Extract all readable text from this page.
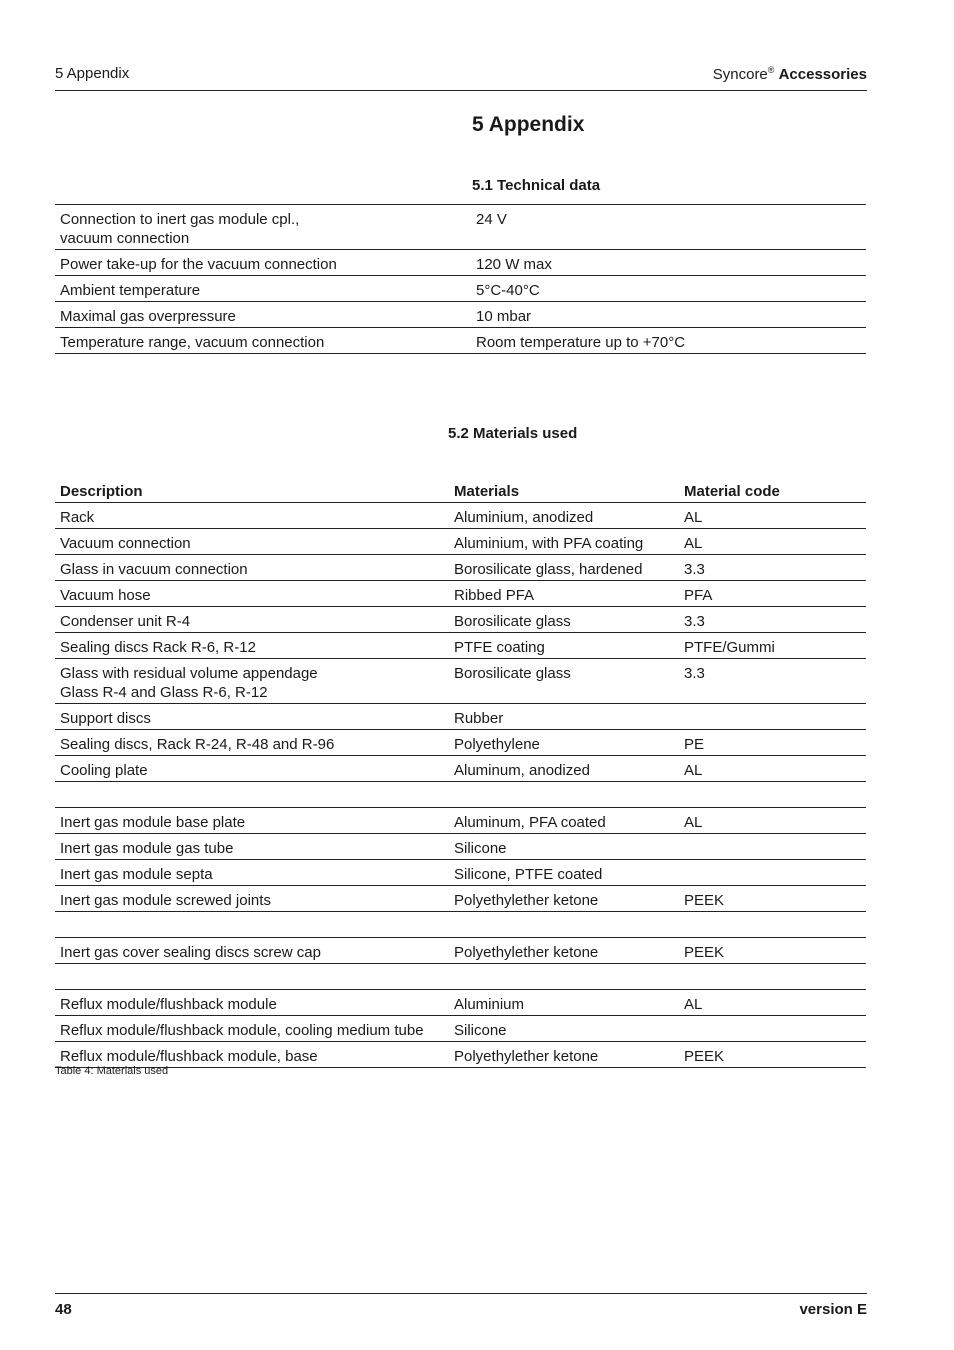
5 Appendix	Syncore® Accessories
5 Appendix
5.1 Technical data
Connection to inert gas module cpl.,
vacuum connection	24 V
Power take-up for the vacuum connection	120 W max
Ambient temperature	5°C-40°C
Maximal gas overpressure	10 mbar
Temperature range, vacuum connection	Room temperature up to +70°C
5.2 Materials used
Description	Materials	Material code
Rack	Aluminium, anodized	AL
Vacuum connection	Aluminium, with PFA coating	AL
Glass in vacuum connection	Borosilicate glass, hardened	3.3
Vacuum hose	Ribbed PFA	PFA
Condenser unit R-4	Borosilicate glass	3.3
Sealing discs Rack R-6, R-12	PTFE coating	PTFE/Gummi
Glass with residual volume appendage
Glass R-4 and Glass R-6, R-12	Borosilicate glass	3.3
Support discs	Rubber	
Sealing discs, Rack R-24, R-48 and R-96	Polyethylene	PE
Cooling plate	Aluminum, anodized	AL

Inert gas module base plate	Aluminum, PFA coated	AL
Inert gas module gas tube	Silicone	
Inert gas module septa	Silicone, PTFE coated	
Inert gas module screwed joints	Polyethylether ketone	PEEK

Inert gas cover sealing discs screw cap	Polyethylether ketone	PEEK

Reflux module/flushback module	Aluminium	AL
Reflux module/flushback module, cooling medium tube	Silicone	
Reflux module/flushback module, base	Polyethylether ketone	PEEK
Table 4: Materials used
48	version E
